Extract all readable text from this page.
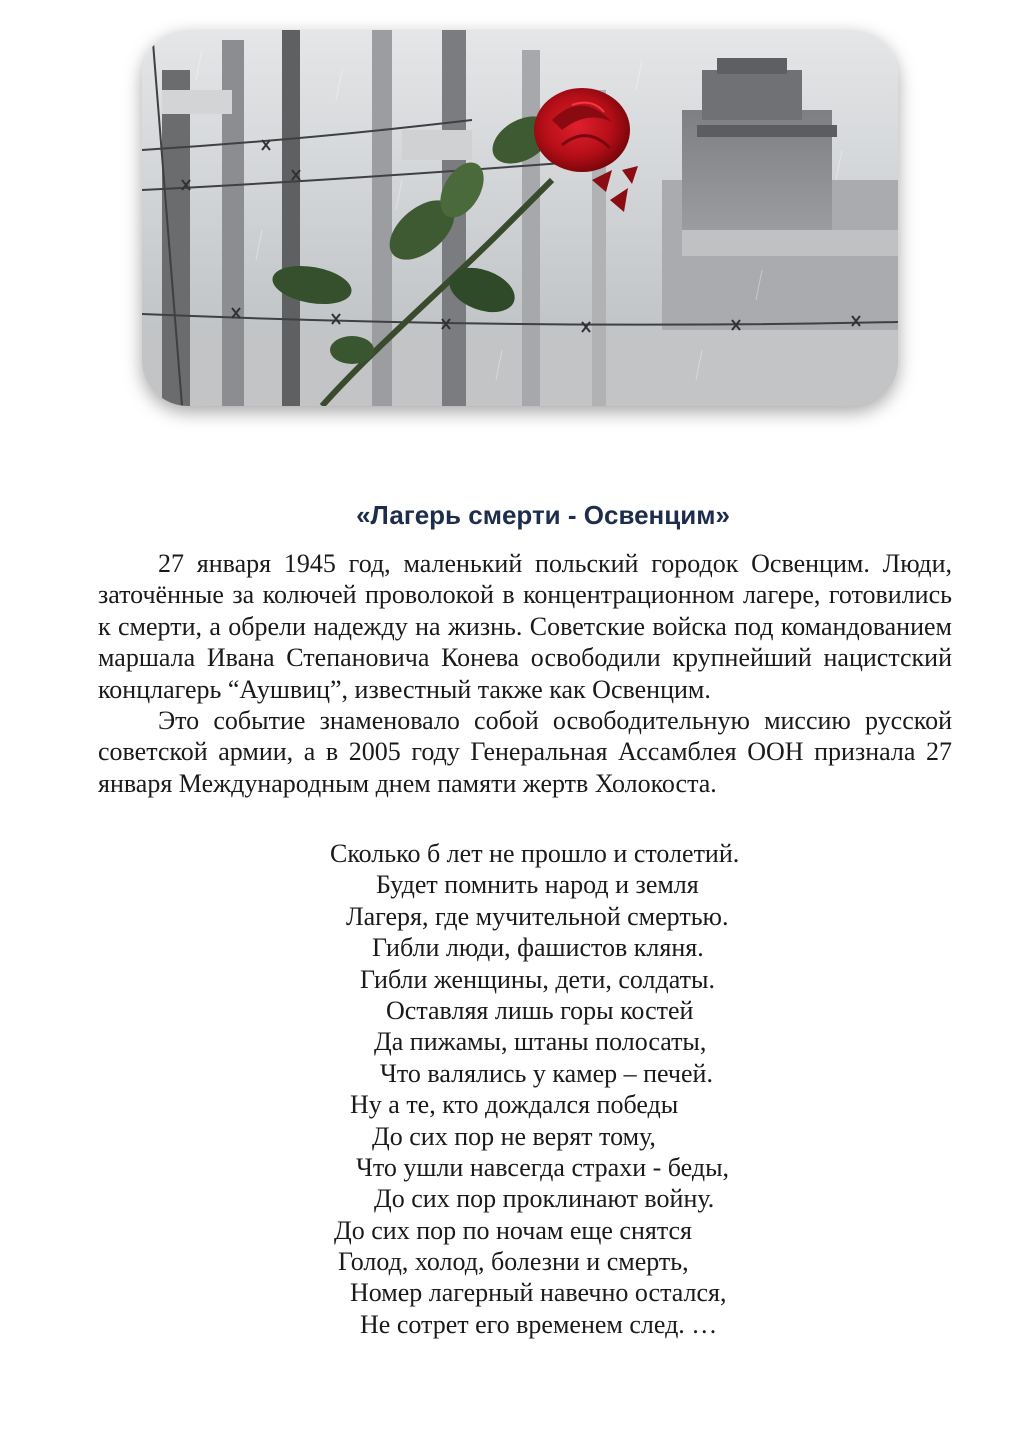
«Лагерь смерти - Освенцим»

27 января 1945 год, маленький польский городок Освенцим. Люди, заточённые за колючей проволокой в концентрационном лагере, готовились к смерти, а обрели надежду на жизнь. Советские войска под командованием маршала Ивана Степановича Конева освободили крупнейший нацистский концлагерь “Аушвиц”, известный также как Освенцим.

Это событие знаменовало собой освободительную миссию русской советской армии, а в 2005 году Генеральная Ассамблея ООН признала 27 января Международным днем памяти жертв Холокоста.

Сколько б лет не прошло и столетий.
Будет помнить народ и земля
Лагеря, где мучительной смертью.
Гибли люди, фашистов кляня.
Гибли женщины, дети, солдаты.
Оставляя лишь горы костей
Да пижамы, штаны полосаты,
Что валялись у камер – печей.
Ну а те, кто дождался победы
До сих пор не верят тому,
Что ушли навсегда страхи - беды,
До сих пор проклинают войну.
До сих пор по ночам еще снятся
Голод, холод, болезни и смерть,
Номер лагерный навечно остался,
Не сотрет его временем след. …
